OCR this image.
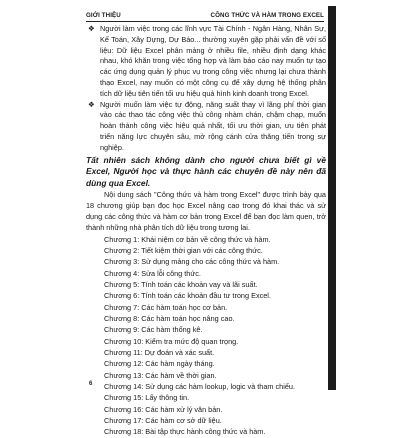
GIỚI THIỆU	CÔNG THỨC VÀ HÀM TRONG EXCEL
❖ Người làm việc trong các lĩnh vực Tài Chính - Ngân Hàng, Nhân Sự, Kế Toán, Xây Dựng, Dự Báo... thường xuyên gặp phải vấn đề với số liệu: Dữ liệu Excel phân mảng ở nhiều file, nhiều định dạng khác nhau, khó khăn trong việc tổng hợp và làm báo cáo nay muốn tự tạo các ứng dụng quản lý phục vụ trong công việc nhưng lại chưa thành thạo Excel, nay muốn có một công cụ để xây dựng hệ thống phân tích dữ liệu tiên tiến tối ưu hiệu quả hình kinh doanh trong Excel.
❖ Người muốn làm việc tự động, năng suất thay vì lãng phí thời gian vào các thao tác công việc thủ công nhàm chán, chậm chạp, muốn hoàn thành công việc hiệu quả nhất, tối ưu thời gian, ưu tiên phát triển năng lực chuyên sâu, mở rộng cánh cửa thăng tiến trong sự nghiệp.
Tất nhiên sách không dành cho người chưa biết gì về Excel, Người học và thực hành các chuyên đề này nên đã dùng qua Excel.
Nội dung sách "Công thức và hàm trong Excel" được trình bày qua 18 chương giúp bạn đọc học Excel nâng cao trong đó khai thác và sử dụng các công thức và hàm cơ bản trong Excel để bạn đọc làm quen, trở thành những nhà phân tích dữ liệu trong tương lai.
Chương 1: Khái niệm cơ bản về công thức và hàm.
Chương 2: Tiết kiệm thời gian với các công thức.
Chương 3: Sử dụng mảng cho các công thức và hàm.
Chương 4: Sửa lỗi công thức.
Chương 5: Tính toán các khoản vay và lãi suất.
Chương 6: Tính toán các khoản đầu tư trong Excel.
Chương 7: Các hàm toán học cơ bản.
Chương 8: Các hàm toán học nâng cao.
Chương 9: Các hàm thống kê.
Chương 10: Kiểm tra mức độ quan trọng.
Chương 11: Dự đoán và xác suất.
Chương 12: Các hàm ngày tháng.
Chương 13: Các hàm về thời gian.
Chương 14: Sử dụng các hàm lookup, logic và tham chiếu.
Chương 15: Lấy thông tin.
Chương 16: Các hàm xử lý văn bản.
Chương 17: Các hàm cơ sở dữ liệu.
Chương 18: Bài tập thực hành công thức và hàm.
6
